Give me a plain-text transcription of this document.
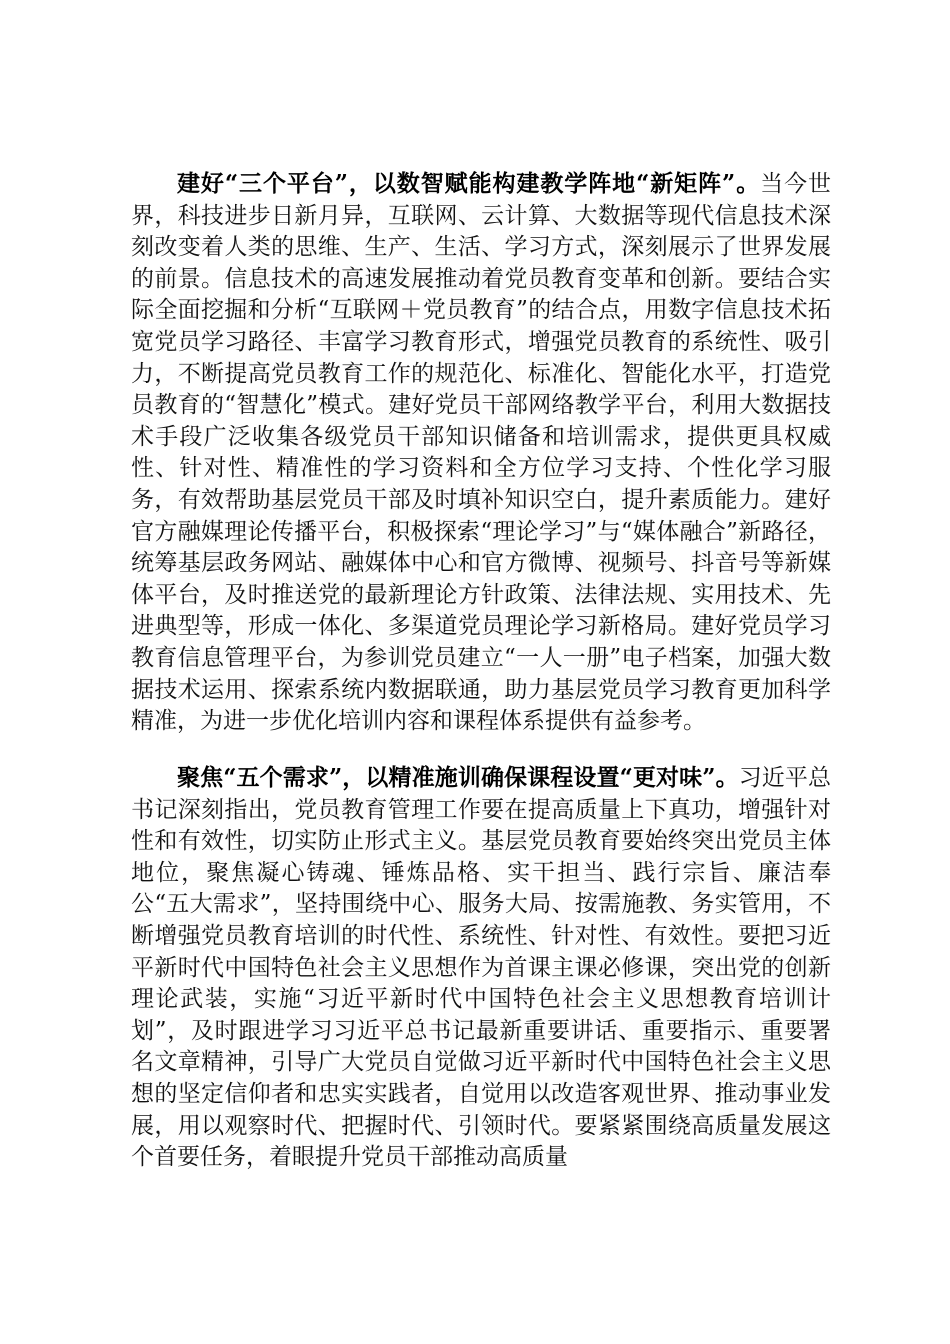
建好“三个平台”，以数智赋能构建教学阵地“新矩阵”。当今世界，科技进步日新月异，互联网、云计算、大数据等现代信息技术深刻改变着人类的思维、生产、生活、学习方式，深刻展示了世界发展的前景。信息技术的高速发展推动着党员教育变革和创新。要结合实际全面挖掘和分析“互联网＋党员教育”的结合点，用数字信息技术拓宽党员学习路径、丰富学习教育形式，增强党员教育的系统性、吸引力，不断提高党员教育工作的规范化、标准化、智能化水平，打造党员教育的“智慧化”模式。建好党员干部网络教学平台，利用大数据技术手段广泛收集各级党员干部知识储备和培训需求，提供更具权威性、针对性、精准性的学习资料和全方位学习支持、个性化学习服务，有效帮助基层党员干部及时填补知识空白，提升素质能力。建好官方融媒理论传播平台，积极探索“理论学习”与“媒体融合”新路径，统筹基层政务网站、融媒体中心和官方微博、视频号、抖音号等新媒体平台，及时推送党的最新理论方针政策、法律法规、实用技术、先进典型等，形成一体化、多渠道党员理论学习新格局。建好党员学习教育信息管理平台，为参训党员建立“一人一册”电子档案，加强大数据技术运用、探索系统内数据联通，助力基层党员学习教育更加科学精准，为进一步优化培训内容和课程体系提供有益参考。

聚焦“五个需求”，以精准施训确保课程设置“更对味”。习近平总书记深刻指出，党员教育管理工作要在提高质量上下真功，增强针对性和有效性，切实防止形式主义。基层党员教育要始终突出党员主体地位，聚焦凝心铸魂、锤炼品格、实干担当、践行宗旨、廉洁奉公“五大需求”，坚持围绕中心、服务大局、按需施教、务实管用，不断增强党员教育培训的时代性、系统性、针对性、有效性。要把习近平新时代中国特色社会主义思想作为首课主课必修课，突出党的创新理论武装，实施“习近平新时代中国特色社会主义思想教育培训计划”，及时跟进学习习近平总书记最新重要讲话、重要指示、重要署名文章精神，引导广大党员自觉做习近平新时代中国特色社会主义思想的坚定信仰者和忠实实践者，自觉用以改造客观世界、推动事业发展，用以观察时代、把握时代、引领时代。要紧紧围绕高质量发展这个首要任务，着眼提升党员干部推动高质量
